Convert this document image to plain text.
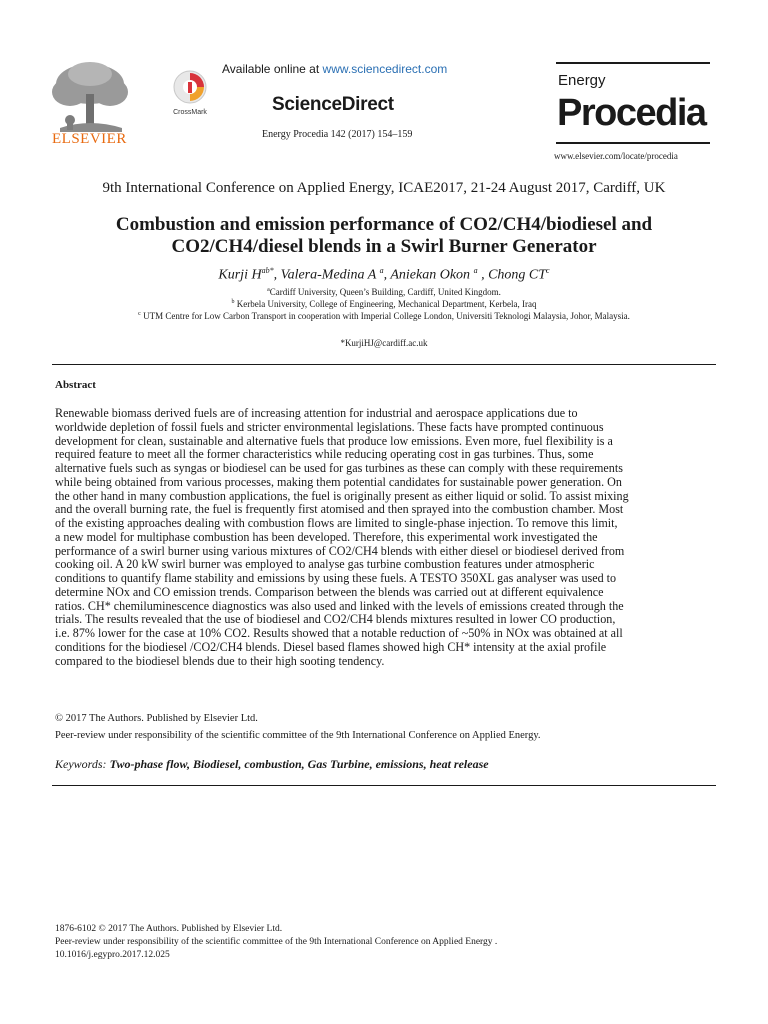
ELSEVIER
CrossMark
Available online at www.sciencedirect.com
ScienceDirect
Energy Procedia 142 (2017) 154–159
Energy
Procedia
www.elsevier.com/locate/procedia
9th International Conference on Applied Energy, ICAE2017, 21-24 August 2017, Cardiff, UK
Combustion and emission performance of CO2/CH4/biodiesel and
CO2/CH4/diesel blends in a Swirl Burner Generator
Kurji $H^{ab*}$, Valera-Medina A $^a$, Aniekan Okon $^a$ , Chong $CT^c$
$^a$Cardiff University, Queen’s Building, Cardiff, United Kingdom.
$^b$ Kerbela University, College of Engineering, Mechanical Department, Kerbela, Iraq
$^c$ UTM Centre for Low Carbon Transport in cooperation with Imperial College London, Universiti Teknologi Malaysia, Johor, Malaysia.
*KurjiHJ@cardiff.ac.uk
Abstract
Renewable biomass derived fuels are of increasing attention for industrial and aerospace applications due to
worldwide depletion of fossil fuels and stricter environmental legislations. These facts have prompted continuous
development for clean, sustainable and alternative fuels that produce low emissions. Even more, fuel flexibility is a
required feature to meet all the former characteristics while reducing operating cost in gas turbines. Thus, some
alternative fuels such as syngas or biodiesel can be used for gas turbines as these can comply with these requirements
while being obtained from various processes, making them potential candidates for sustainable power generation. On
the other hand in many combustion applications, the fuel is originally present as either liquid or solid. To assist mixing
and the overall burning rate, the fuel is frequently first atomised and then sprayed into the combustion chamber. Most
of the existing approaches dealing with combustion flows are limited to single-phase injection. To remove this limit,
a new model for multiphase combustion has been developed. Therefore, this experimental work investigated the
performance of a swirl burner using various mixtures of CO2/CH4 blends with either diesel or biodiesel derived from
cooking oil. A 20 kW swirl burner was employed to analyse gas turbine combustion features under atmospheric
conditions to quantify flame stability and emissions by using these fuels. A TESTO 350XL gas analyser was used to
determine NOx and CO emission trends. Comparison between the blends was carried out at different equivalence
ratios. CH* chemiluminescence diagnostics was also used and linked with the levels of emissions created through the
trials. The results revealed that the use of biodiesel and CO2/CH4 blends mixtures resulted in lower CO production,
i.e. 87% lower for the case at 10% CO2. Results showed that a notable reduction of ~50% in NOx was obtained at all
conditions for the biodiesel /CO2/CH4 blends. Diesel based flames showed high CH* intensity at the axial profile
compared to the biodiesel blends due to their high sooting tendency.
© 2017 The Authors. Published by Elsevier Ltd.
Peer-review under responsibility of the scientific committee of the 9th International Conference on Applied Energy.
Keywords: Two-phase flow, Biodiesel, combustion, Gas Turbine, emissions, heat release
1876-6102 © 2017 The Authors. Published by Elsevier Ltd.
Peer-review under responsibility of the scientific committee of the 9th International Conference on Applied Energy .
10.1016/j.egypro.2017.12.025
